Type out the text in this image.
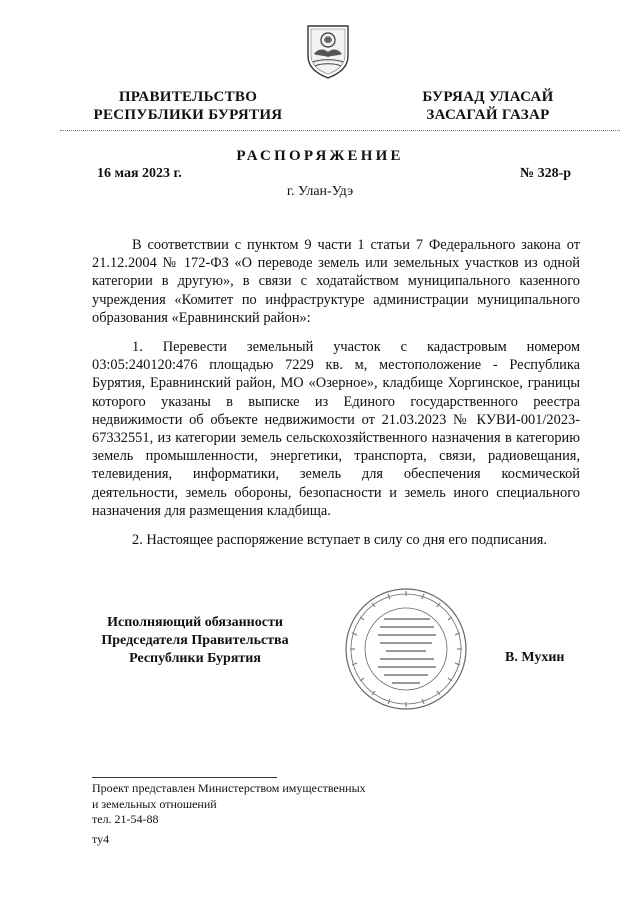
ПРАВИТЕЛЬСТВО
РЕСПУБЛИКИ БУРЯТИЯ
БУРЯАД УЛАСАЙ
ЗАСАГАЙ ГАЗАР
РАСПОРЯЖЕНИЕ
16 мая 2023 г.	№ 328-р
г. Улан-Удэ

В соответствии с пунктом 9 части 1 статьи 7 Федерального закона от 21.12.2004 № 172-ФЗ «О переводе земель или земельных участков из одной категории в другую», в связи с ходатайством муниципального казенного учреждения «Комитет по инфраструктуре администрации муниципального образования «Еравнинский район»:

1. Перевести земельный участок с кадастровым номером 03:05:240120:476 площадью 7229 кв. м, местоположение - Республика Бурятия, Еравнинский район, МО «Озерное», кладбище Хоргинское, границы которого указаны в выписке из Единого государственного реестра недвижимости об объекте недвижимости от 21.03.2023 № КУВИ-001/2023-67332551, из категории земель сельскохозяйственного назначения в категорию земель промышленности, энергетики, транспорта, связи, радиовещания, телевидения, информатики, земель для обеспечения космической деятельности, земель обороны, безопасности и земель иного специального назначения для размещения кладбища.

2. Настоящее распоряжение вступает в силу со дня его подписания.

Исполняющий обязанности
Председателя Правительства
Республики Бурятия	В. Мухин
Проект представлен Министерством имущественных
и земельных отношений
тел. 21-54-88
ту4
